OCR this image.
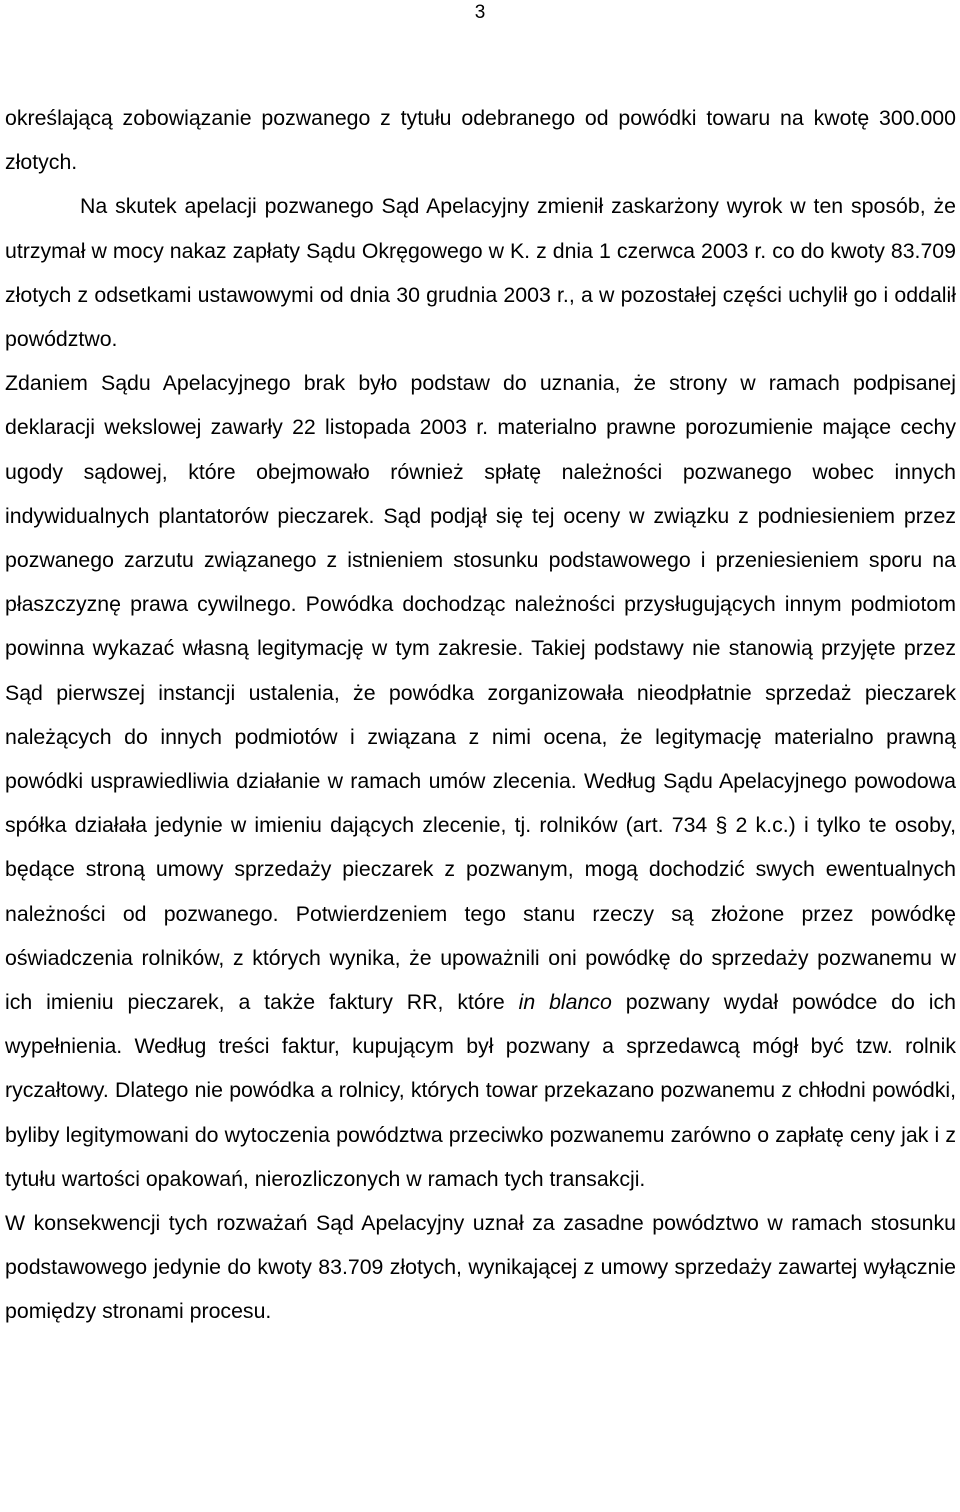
3

określającą zobowiązanie pozwanego z tytułu odebranego od powódki towaru na kwotę 300.000 złotych.

Na skutek apelacji pozwanego Sąd Apelacyjny zmienił zaskarżony wyrok w ten sposób, że utrzymał w mocy nakaz zapłaty Sądu Okręgowego w K. z dnia 1 czerwca 2003 r. co do kwoty 83.709 złotych z odsetkami ustawowymi od dnia 30 grudnia 2003 r., a w pozostałej części uchylił go i oddalił powództwo.

Zdaniem Sądu Apelacyjnego brak było podstaw do uznania, że strony w ramach podpisanej deklaracji wekslowej zawarły 22 listopada 2003 r. materialno prawne porozumienie mające cechy ugody sądowej, które obejmowało również spłatę należności pozwanego wobec innych indywidualnych plantatorów pieczarek. Sąd podjął się tej oceny w związku z podniesieniem przez pozwanego zarzutu związanego z istnieniem stosunku podstawowego i przeniesieniem sporu na płaszczyznę prawa cywilnego. Powódka dochodząc należności przysługujących innym podmiotom powinna wykazać własną legitymację w tym zakresie. Takiej podstawy nie stanowią przyjęte przez Sąd pierwszej instancji ustalenia, że powódka zorganizowała nieodpłatnie sprzedaż pieczarek należących do innych podmiotów i związana z nimi ocena, że legitymację materialno prawną powódki usprawiedliwia działanie w ramach umów zlecenia. Według Sądu Apelacyjnego powodowa spółka działała jedynie w imieniu dających zlecenie, tj. rolników (art. 734 § 2 k.c.) i tylko te osoby, będące stroną umowy sprzedaży pieczarek z pozwanym, mogą dochodzić swych ewentualnych należności od pozwanego. Potwierdzeniem tego stanu rzeczy są złożone przez powódkę oświadczenia rolników, z których wynika, że upoważnili oni powódkę do sprzedaży pozwanemu w ich imieniu pieczarek, a także faktury RR, które in blanco pozwany wydał powódce do ich wypełnienia. Według treści faktur, kupującym był pozwany a sprzedawcą mógł być tzw. rolnik ryczałtowy. Dlatego nie powódka a rolnicy, których towar przekazano pozwanemu z chłodni powódki, byliby legitymowani do wytoczenia powództwa przeciwko pozwanemu zarówno o zapłatę ceny jak i z tytułu wartości opakowań, nierozliczonych w ramach tych transakcji.

W konsekwencji tych rozważań Sąd Apelacyjny uznał za zasadne powództwo w ramach stosunku podstawowego jedynie do kwoty 83.709 złotych, wynikającej z umowy sprzedaży zawartej wyłącznie pomiędzy stronami procesu.
